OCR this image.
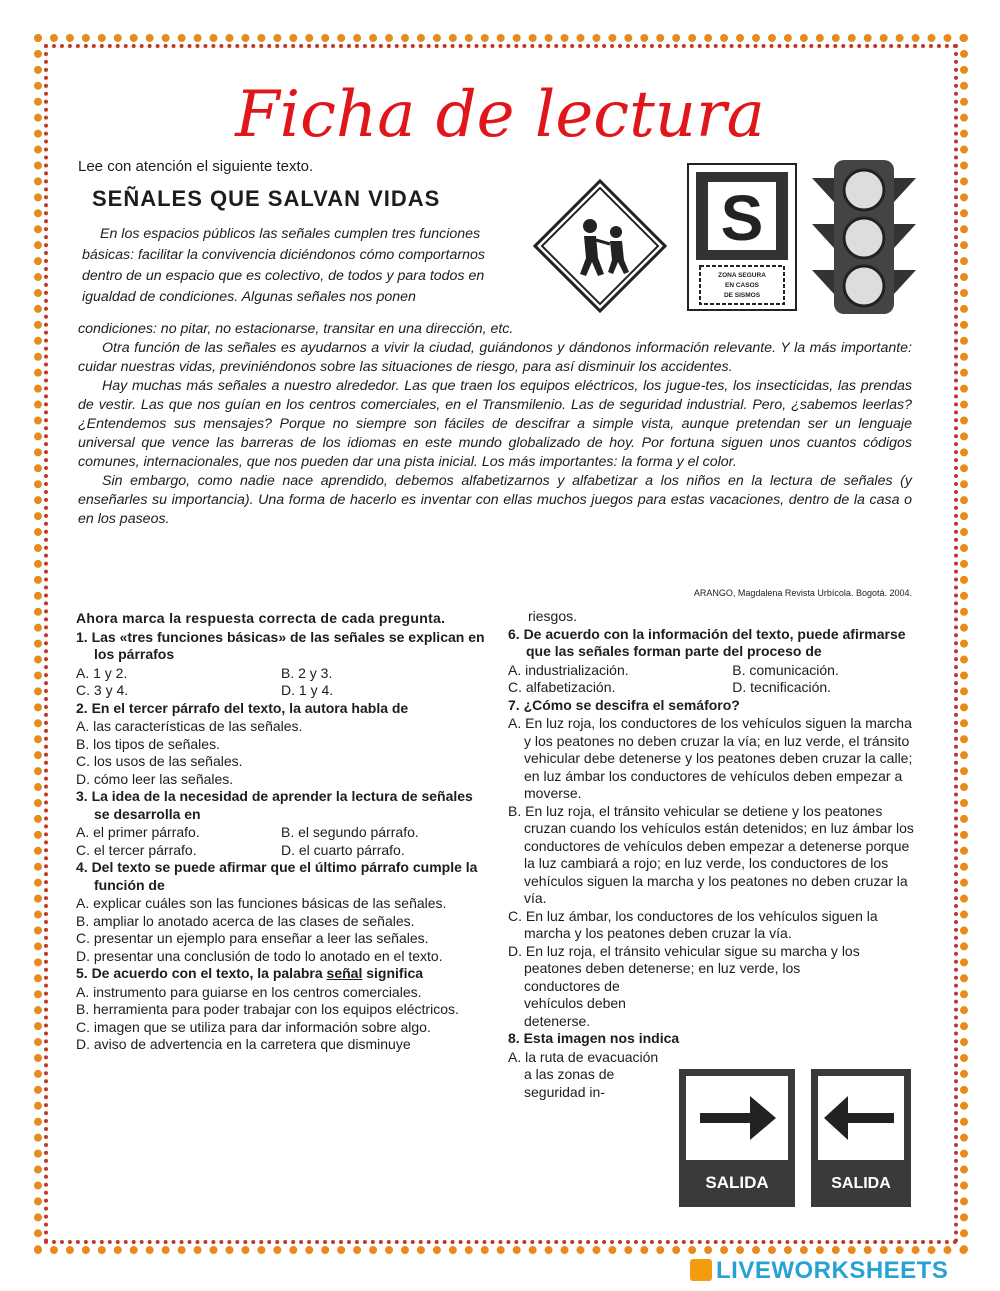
Ficha de lectura
Lee con atención el siguiente texto.
SEÑALES QUE SALVAN VIDAS
En los espacios públicos las señales cumplen tres funciones básicas: facilitar la convivencia diciéndonos cómo comportarnos dentro de un espacio que es colectivo, de todos y para todos en igualdad de condiciones. Algunas señales nos ponen
S
ZONA SEGURA
EN CASOS
DE SISMOS

condiciones: no pitar, no estacionarse, transitar en una dirección, etc.

Otra función de las señales es ayudarnos a vivir la ciudad, guiándonos y dándonos información relevante. Y la más importante: cuidar nuestras vidas, previniéndonos sobre las situaciones de riesgo, para así disminuir los accidentes.

Hay muchas más señales a nuestro alrededor. Las que traen los equipos eléctricos, los jugue-tes, los insecticidas, las prendas de vestir. Las que nos guían en los centros comerciales, en el Transmilenio. Las de seguridad industrial. Pero, ¿sabemos leerlas? ¿Entendemos sus mensajes? Porque no siempre son fáciles de descifrar a simple vista, aunque pretendan ser un lenguaje universal que vence las barreras de los idiomas en este mundo globalizado de hoy. Por fortuna siguen unos cuantos códigos comunes, internacionales, que nos pueden dar una pista inicial. Los más importantes: la forma y el color.

Sin embargo, como nadie nace aprendido, debemos alfabetizarnos y alfabetizar a los niños en la lectura de señales (y enseñarles su importancia). Una forma de hacerlo es inventar con ellas muchos juegos para estas vacaciones, dentro de la casa o en los paseos.

ARANGO, Magdalena Revista Urbícola. Bogotá. 2004.

Ahora marca la respuesta correcta de cada pregunta.

1. Las «tres funciones básicas» de las señales se explican en los párrafos

A. 1 y 2.	B. 2 y 3.

C. 3 y 4.	D. 1 y 4.

2. En el tercer párrafo del texto, la autora habla de

A. las características de las señales.

B. los tipos de señales.

C. los usos de las señales.

D. cómo leer las señales.

3. La idea de la necesidad de aprender la lectura de señales se desarrolla en

A. el primer párrafo.	B. el segundo párrafo.

C. el tercer párrafo.	D. el cuarto párrafo.

4. Del texto se puede afirmar que el último párrafo cumple la función de

A. explicar cuáles son las funciones básicas de las señales.

B. ampliar lo anotado acerca de las clases de señales.

C. presentar un ejemplo para enseñar a leer las señales.

D. presentar una conclusión de todo lo anotado en el texto.

5. De acuerdo con el texto, la palabra señal significa

A. instrumento para guiarse en los centros comerciales.

B. herramienta para poder trabajar con los equipos eléctricos.

C. imagen que se utiliza para dar información sobre algo.

D. aviso de advertencia en la carretera que disminuye

riesgos.

6. De acuerdo con la información del texto, puede afirmarse que las señales forman parte del proceso de

A. industrialización.	B. comunicación.

C. alfabetización.	D. tecnificación.

7. ¿Cómo se descifra el semáforo?

A. En luz roja, los conductores de los vehículos siguen la marcha y los peatones no deben cruzar la vía; en luz verde, el tránsito vehicular debe detenerse y los peatones deben cruzar la calle; en luz ámbar los conductores de vehículos deben empezar a moverse.

B. En luz roja, el tránsito vehicular se detiene y los peatones cruzan cuando los vehículos están detenidos; en luz ámbar los conductores de vehículos deben empezar a detenerse porque la luz cambiará a rojo; en luz verde, los conductores de los vehículos siguen la marcha y los peatones no deben cruzar la vía.

C. En luz ámbar, los conductores de los vehículos siguen la marcha y los peatones deben cruzar la vía.

D. En luz roja, el tránsito vehicular sigue su marcha y los peatones deben detenerse; en luz verde, los

conductores de vehículos deben detenerse.

8. Esta imagen nos indica

A. la ruta de evacuación a las zonas de seguridad in-

SALIDA	SALIDA
LIVEWORKSHEETS
